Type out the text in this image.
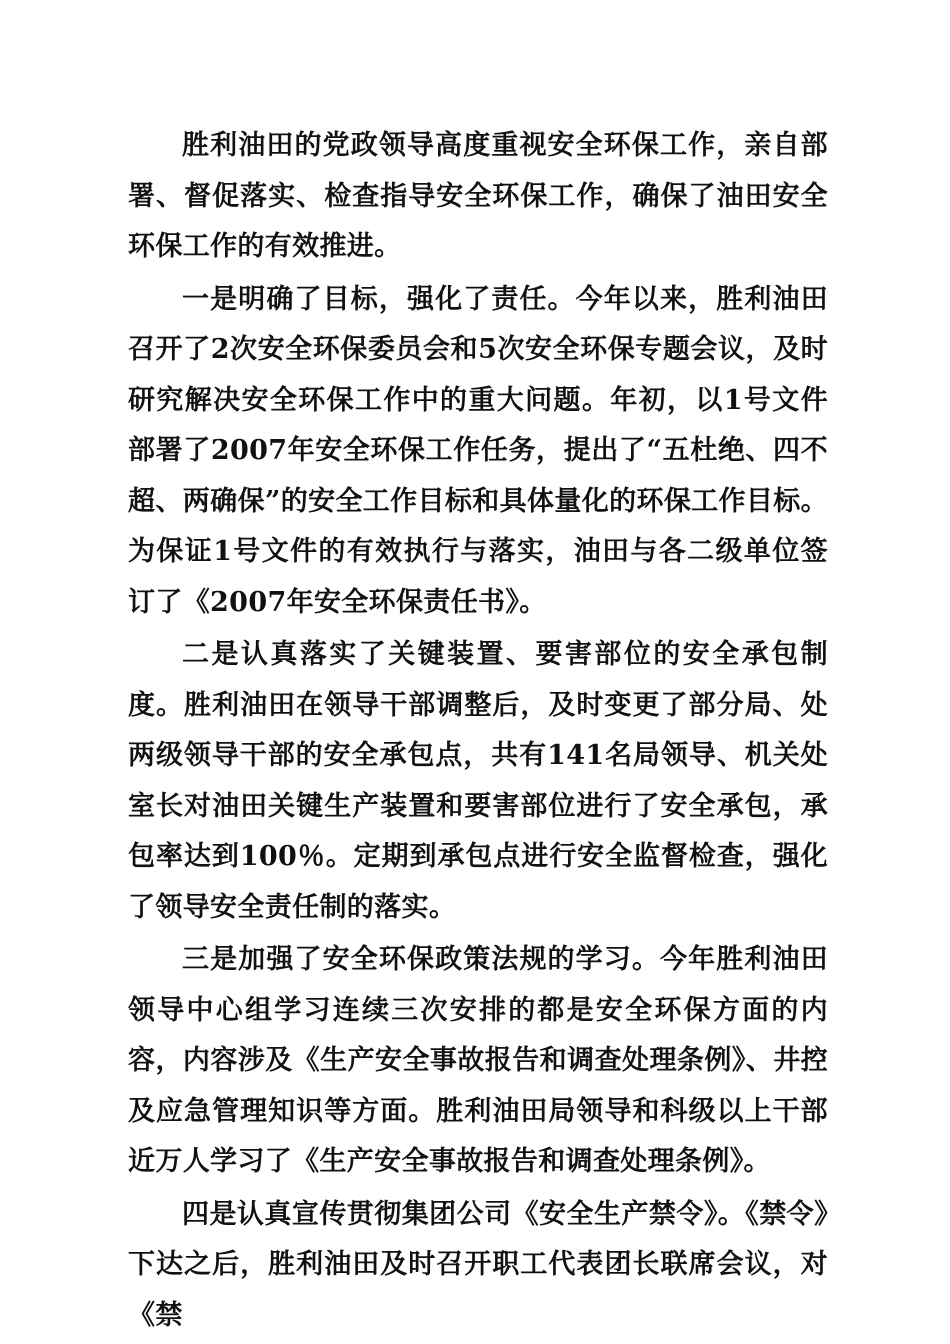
胜利油田的党政领导高度重视安全环保工作，亲自部署、督促落实、检查指导安全环保工作，确保了油田安全环保工作的有效推进。

一是明确了目标，强化了责任。今年以来，胜利油田召开了2次安全环保委员会和5次安全环保专题会议，及时研究解决安全环保工作中的重大问题。年初，以1号文件部署了2007年安全环保工作任务，提出了“五杜绝、四不超、两确保”的安全工作目标和具体量化的环保工作目标。为保证1号文件的有效执行与落实，油田与各二级单位签订了《2007年安全环保责任书》。

二是认真落实了关键装置、要害部位的安全承包制度。胜利油田在领导干部调整后，及时变更了部分局、处两级领导干部的安全承包点，共有141名局领导、机关处室长对油田关键生产装置和要害部位进行了安全承包，承包率达到100％。定期到承包点进行安全监督检查，强化了领导安全责任制的落实。

三是加强了安全环保政策法规的学习。今年胜利油田领导中心组学习连续三次安排的都是安全环保方面的内容，内容涉及《生产安全事故报告和调查处理条例》、井控及应急管理知识等方面。胜利油田局领导和科级以上干部近万人学习了《生产安全事故报告和调查处理条例》。

四是认真宣传贯彻集团公司《安全生产禁令》。《禁令》下达之后，胜利油田及时召开职工代表团长联席会议，对《禁
